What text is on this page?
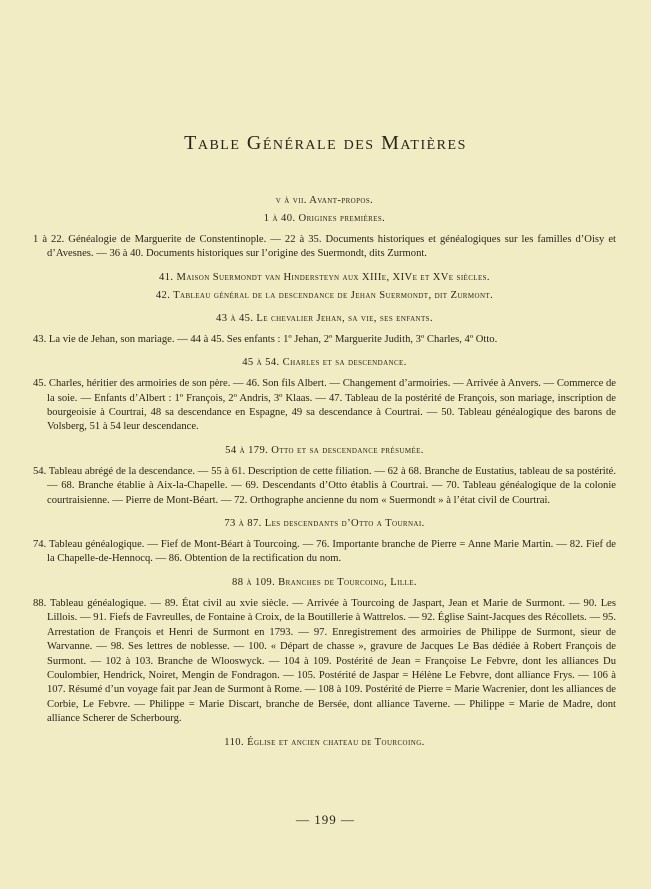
Table Générale des Matières

v à vii. Avant-propos.

1 à 40. Origines premières.

1 à 22. Généalogie de Marguerite de Constentinople. — 22 à 35. Documents historiques et généalogiques sur les familles d’Oisy et d’Avesnes. — 36 à 40. Documents historiques sur l’origine des Suermondt, dits Zurmont.

41. Maison Suermondt van Hindersteyn aux XIIIe, XIVe et XVe siècles.

42. Tableau général de la descendance de Jehan Suermondt, dit Zurmont.

43 à 45. Le chevalier Jehan, sa vie, ses enfants.

43. La vie de Jehan, son mariage. — 44 à 45. Ses enfants : 1º Jehan, 2º Marguerite Judith, 3º Charles, 4º Otto.

45 à 54. Charles et sa descendance.

45. Charles, héritier des armoiries de son père. — 46. Son fils Albert. — Changement d’armoiries. — Arrivée à Anvers. — Commerce de la soie. — Enfants d’Albert : 1º François, 2º Andris, 3º Klaas. — 47. Tableau de la postérité de François, son mariage, inscription de bourgeoisie à Courtrai, 48 sa descendance en Espagne, 49 sa descendance à Courtrai. — 50. Tableau généalogique des barons de Volsberg, 51 à 54 leur descendance.

54 à 179. Otto et sa descendance présumée.

54. Tableau abrégé de la descendance. — 55 à 61. Description de cette filiation. — 62 à 68. Branche de Eustatius, tableau de sa postérité. — 68. Branche établie à Aix-la-Chapelle. — 69. Descendants d’Otto établis à Courtrai. — 70. Tableau généalogique de la colonie courtraisienne. — Pierre de Mont-Béart. — 72. Orthographe ancienne du nom « Suermondt » à l’état civil de Courtrai.

73 à 87. Les descendants d’Otto a Tournai.

74. Tableau généalogique. — Fief de Mont-Béart à Tourcoing. — 76. Importante branche de Pierre = Anne Marie Martin. — 82. Fief de la Chapelle-de-Hennocq. — 86. Obtention de la rectification du nom.

88 à 109. Branches de Tourcoing, Lille.

88. Tableau généalogique. — 89. État civil au xvie siècle. — Arrivée à Tourcoing de Jaspart, Jean et Marie de Surmont. — 90. Les Lillois. — 91. Fiefs de Favreulles, de Fontaine à Croix, de la Boutillerie à Wattrelos. — 92. Église Saint-Jacques des Récollets. — 95. Arrestation de François et Henri de Surmont en 1793. — 97. Enregistrement des armoiries de Philippe de Surmont, sieur de Warvanne. — 98. Ses lettres de noblesse. — 100. « Départ de chasse », gravure de Jacques Le Bas dédiée à Robert François de Surmont. — 102 à 103. Branche de Wlooswyck. — 104 à 109. Postérité de Jean = Françoise Le Febvre, dont les alliances Du Coulombier, Hendrick, Noiret, Mengin de Fondragon. — 105. Postérité de Jaspar = Hélène Le Febvre, dont alliance Frys. — 106 à 107. Résumé d’un voyage fait par Jean de Surmont à Rome. — 108 à 109. Postérité de Pierre = Marie Wacrenier, dont les alliances de Corbie, Le Febvre. — Philippe = Marie Discart, branche de Bersée, dont alliance Taverne. — Philippe = Marie de Madre, dont alliance Scherer de Scherbourg.

110. Église et ancien chateau de Tourcoing.

— 199 —
